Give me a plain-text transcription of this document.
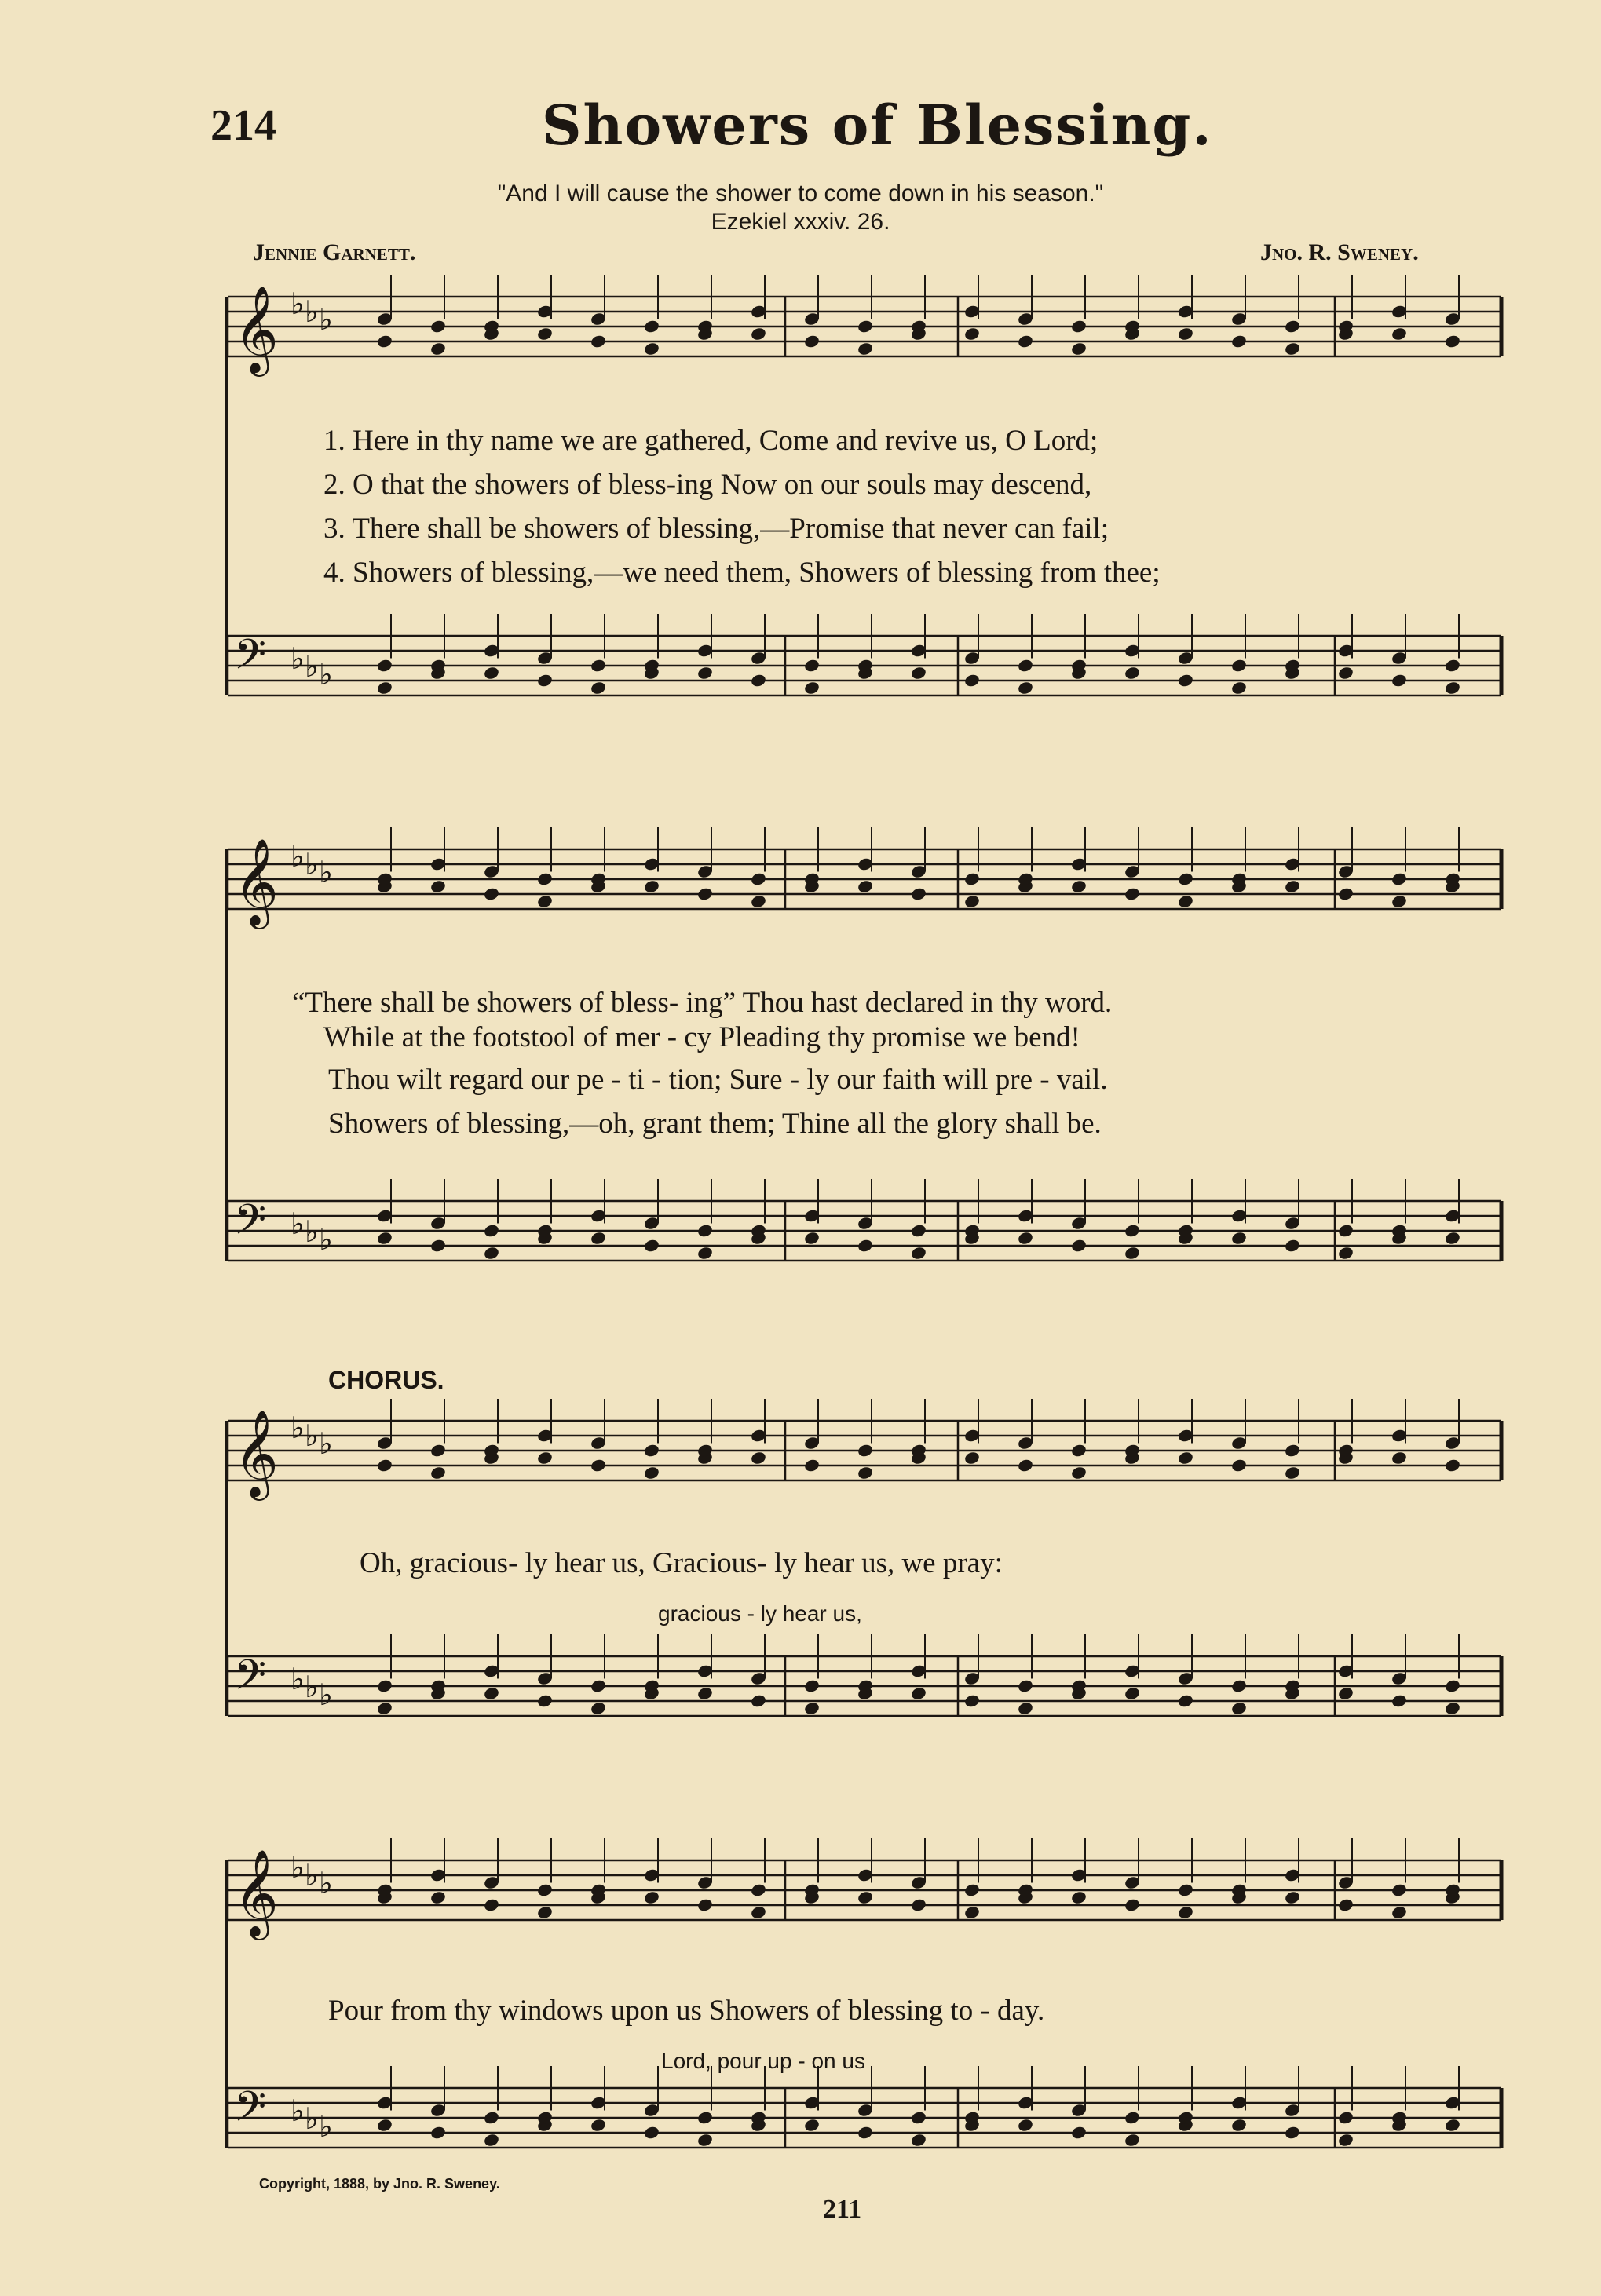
214	Showers of Blessing.
"And I will cause the shower to come down in his season."
Ezekiel xxxiv. 26.
Jennie Garnett.	Jno. R. Sweney.
𝄞 ♭ ♭ ♭
𝄢 ♭ ♭ ♭
𝄞 ♭ ♭ ♭
𝄢 ♭ ♭ ♭
𝄞 ♭ ♭ ♭
𝄢 ♭ ♭ ♭
𝄞 ♭ ♭ ♭
𝄢 ♭ ♭ ♭
1. Here in thy name we are gathered, Come and revive us, O Lord;
2. O that the showers of bless-ing Now on our souls may descend,
3. There shall be showers of blessing,—Promise that never can fail;
4. Showers of blessing,—we need them, Showers of blessing from thee;
“There shall be showers of bless- ing” Thou hast declared in thy word.
While at the footstool of mer - cy Pleading thy promise we bend!
Thou wilt regard our pe - ti - tion; Sure - ly our faith will pre - vail.
Showers of blessing,—oh, grant them; Thine all the glory shall be.
CHORUS.
Oh, gracious- ly hear us, Gracious- ly hear us, we pray:
gracious - ly hear us,
Pour from thy windows upon us Showers of blessing to - day.
Lord, pour up - on us
Copyright, 1888, by Jno. R. Sweney.
211
